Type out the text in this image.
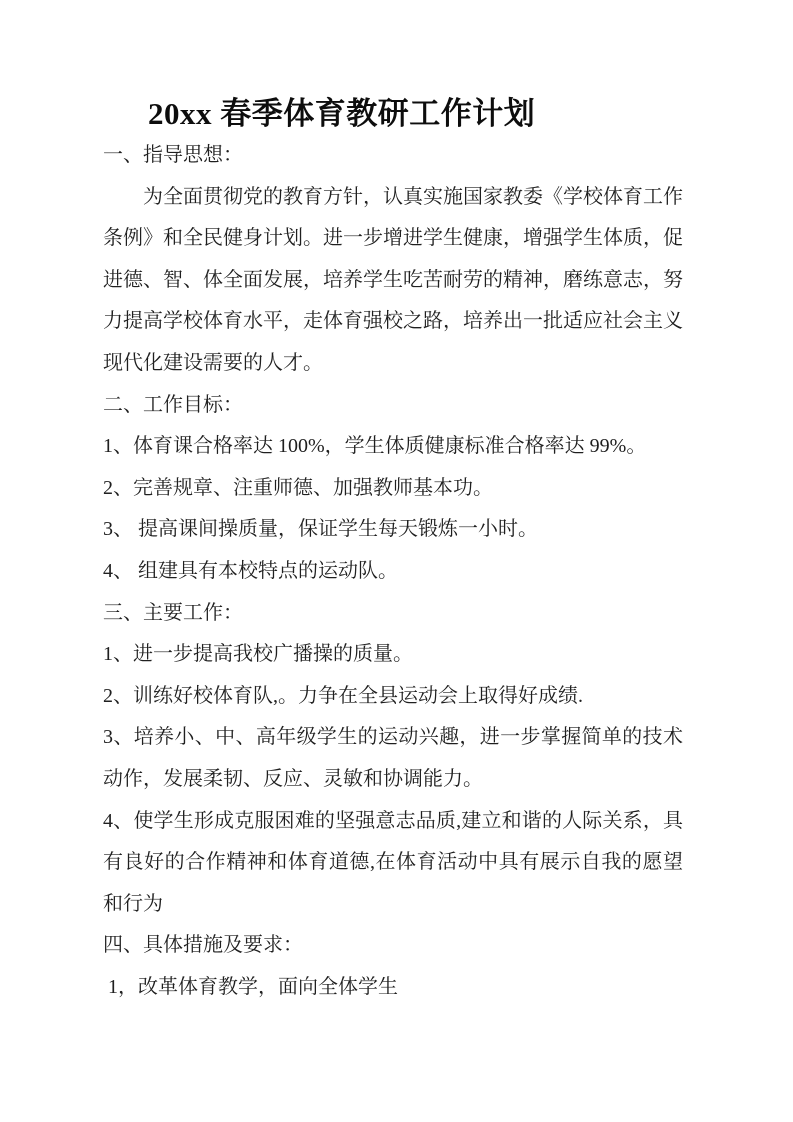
20xx 春季体育教研工作计划

一、指导思想：

为全面贯彻党的教育方针，认真实施国家教委《学校体育工作条例》和全民健身计划。进一步增进学生健康，增强学生体质，促进德、智、体全面发展，培养学生吃苦耐劳的精神，磨练意志，努力提高学校体育水平，走体育强校之路，培养出一批适应社会主义现代化建设需要的人才。

二、工作目标：

1、体育课合格率达 100%，学生体质健康标准合格率达 99%。

2、完善规章、注重师德、加强教师基本功。

3、 提高课间操质量，保证学生每天锻炼一小时。

4、 组建具有本校特点的运动队。

三、主要工作：

1、进一步提高我校广播操的质量。

2、训练好校体育队,。力争在全县运动会上取得好成绩.

3、培养小、中、高年级学生的运动兴趣，进一步掌握简单的技术动作，发展柔韧、反应、灵敏和协调能力。

4、使学生形成克服困难的坚强意志品质,建立和谐的人际关系，具有良好的合作精神和体育道德,在体育活动中具有展示自我的愿望和行为

四、具体措施及要求：

1，改革体育教学，面向全体学生
